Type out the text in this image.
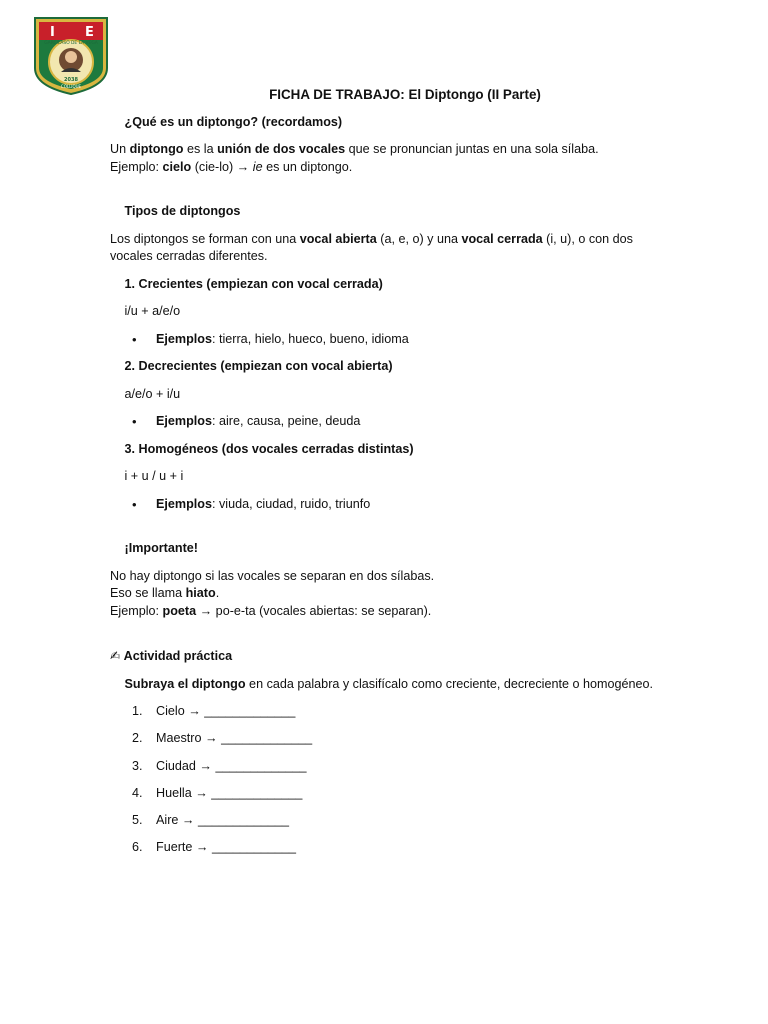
I E
GARCILASO DE LA VEGA
2038
COLLIQUE

FICHA DE TRABAJO: El Diptongo (II Parte)

¿Qué es un diptongo? (recordamos)

Un diptongo es la unión de dos vocales que se pronuncian juntas en una sola sílaba.

Ejemplo: cielo (cie-lo) → ie es un diptongo.

Tipos de diptongos

Los diptongos se forman con una vocal abierta (a, e, o) y una vocal cerrada (i, u), o con dos vocales cerradas diferentes.

1. Crecientes (empiezan con vocal cerrada)

i/u + a/e/o

• Ejemplos: tierra, hielo, hueco, bueno, idioma

2. Decrecientes (empiezan con vocal abierta)

a/e/o + i/u

• Ejemplos: aire, causa, peine, deuda

3. Homogéneos (dos vocales cerradas distintas)

i + u / u + i

• Ejemplos: viuda, ciudad, ruido, triunfo

¡Importante!

No hay diptongo si las vocales se separan en dos sílabas.

Eso se llama hiato.

Ejemplo: poeta → po-e-ta (vocales abiertas: se separan).

✍ Actividad práctica

Subraya el diptongo en cada palabra y clasifícalo como creciente, decreciente o homogéneo.

1.	Cielo → _____________
2.	Maestro → _____________
3.	Ciudad → _____________
4.	Huella → _____________
5.	Aire → _____________
6.	Fuerte → ____________
